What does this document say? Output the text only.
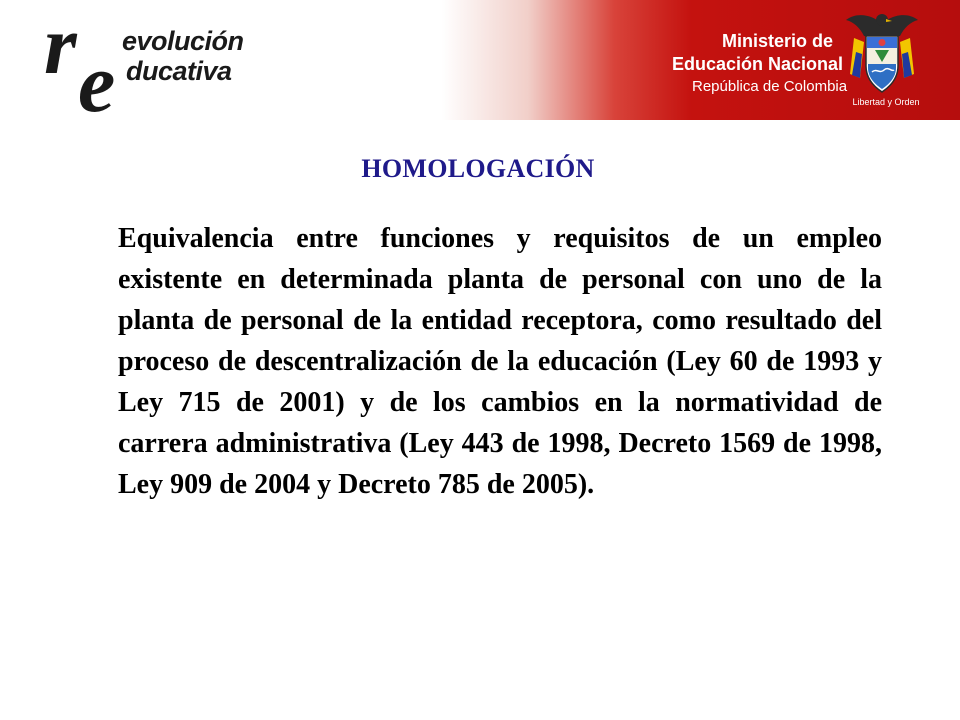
r e evolución
ducativa
Ministerio de
Educación Nacional
República de Colombia
Libertad y Orden
HOMOLOGACIÓN

Equivalencia entre funciones y requisitos de un empleo existente en determinada planta de personal con uno de la planta de personal de la entidad receptora, como resultado del proceso de descentralización de la educación (Ley 60 de 1993 y Ley 715 de 2001) y de los cambios en la normatividad de carrera administrativa (Ley 443 de 1998, Decreto 1569 de 1998, Ley 909 de 2004 y Decreto 785 de 2005).
